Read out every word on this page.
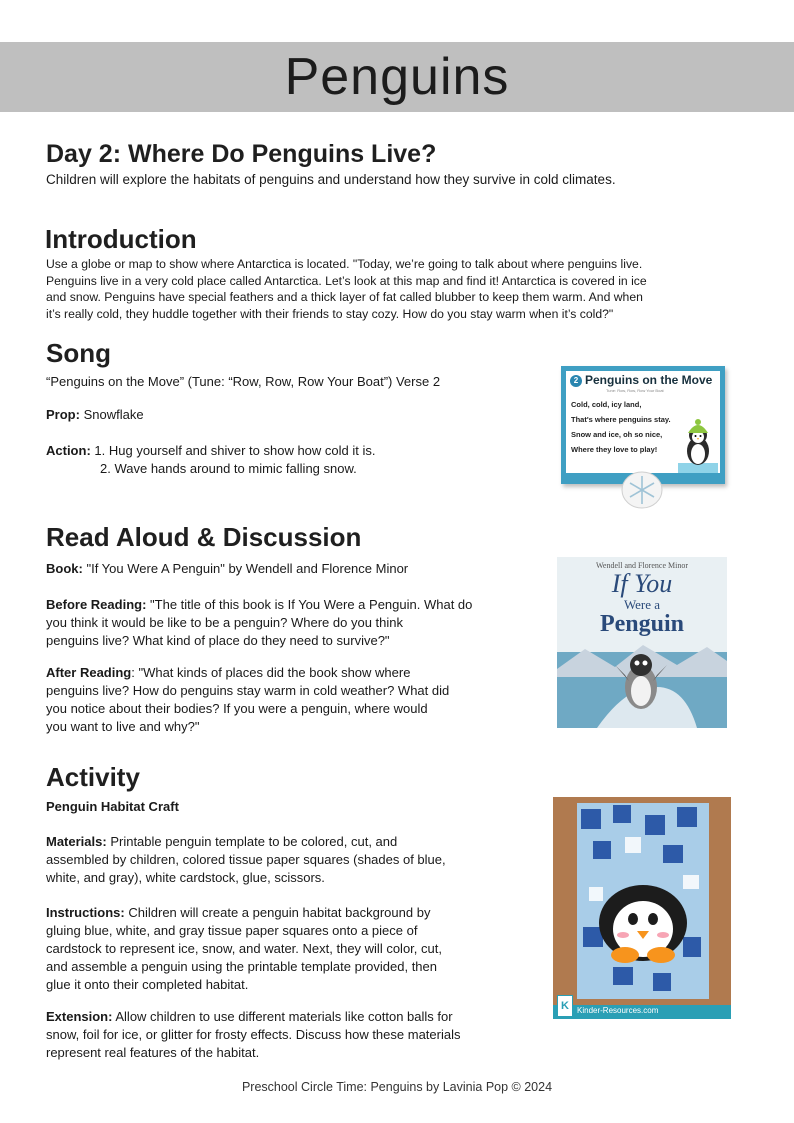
Penguins
Day 2: Where Do Penguins Live?
Children will explore the habitats of penguins and understand how they survive in cold climates.
Introduction
Use a globe or map to show where Antarctica is located. "Today, we’re going to talk about where penguins live.
Penguins live in a very cold place called Antarctica. Let’s look at this map and find it! Antarctica is covered in ice
and snow. Penguins have special feathers and a thick layer of fat called blubber to keep them warm. And when
it’s really cold, they huddle together with their friends to stay cozy. How do you stay warm when it’s cold?"
Song
“Penguins on the Move” (Tune: “Row, Row, Row Your Boat”) Verse 2
Prop: Snowflake
Action: 1. Hug yourself and shiver to show how cold it is.
2. Wave hands around to mimic falling snow.
2 Penguins on the Move
Tune: Row, Row, Row Your Boat
Cold, cold, icy land,
That's where penguins stay.
Snow and ice, oh so nice,
Where they love to play!
Read Aloud & Discussion
Book: "If You Were A Penguin" by Wendell and Florence Minor
Before Reading: "The title of this book is If You Were a Penguin. What do
you think it would be like to be a penguin? Where do you think
penguins live? What kind of place do they need to survive?"
After Reading: "What kinds of places did the book show where
penguins live? How do penguins stay warm in cold weather? What did
you notice about their bodies? If you were a penguin, where would
you want to live and why?"
Wendell and Florence Minor
If You
Were a
Penguin
Activity
Penguin Habitat Craft
Materials: Printable penguin template to be colored, cut, and
assembled by children, colored tissue paper squares (shades of blue,
white, and gray), white cardstock, glue, scissors.
Instructions: Children will create a penguin habitat background by
gluing blue, white, and gray tissue paper squares onto a piece of
cardstock to represent ice, snow, and water. Next, they will color, cut,
and assemble a penguin using the printable template provided, then
glue it onto their completed habitat.
Extension: Allow children to use different materials like cotton balls for
snow, foil for ice, or glitter for frosty effects. Discuss how these materials
represent real features of the habitat.
K	Kinder-Resources.com
Preschool Circle Time: Penguins by Lavinia Pop © 2024
